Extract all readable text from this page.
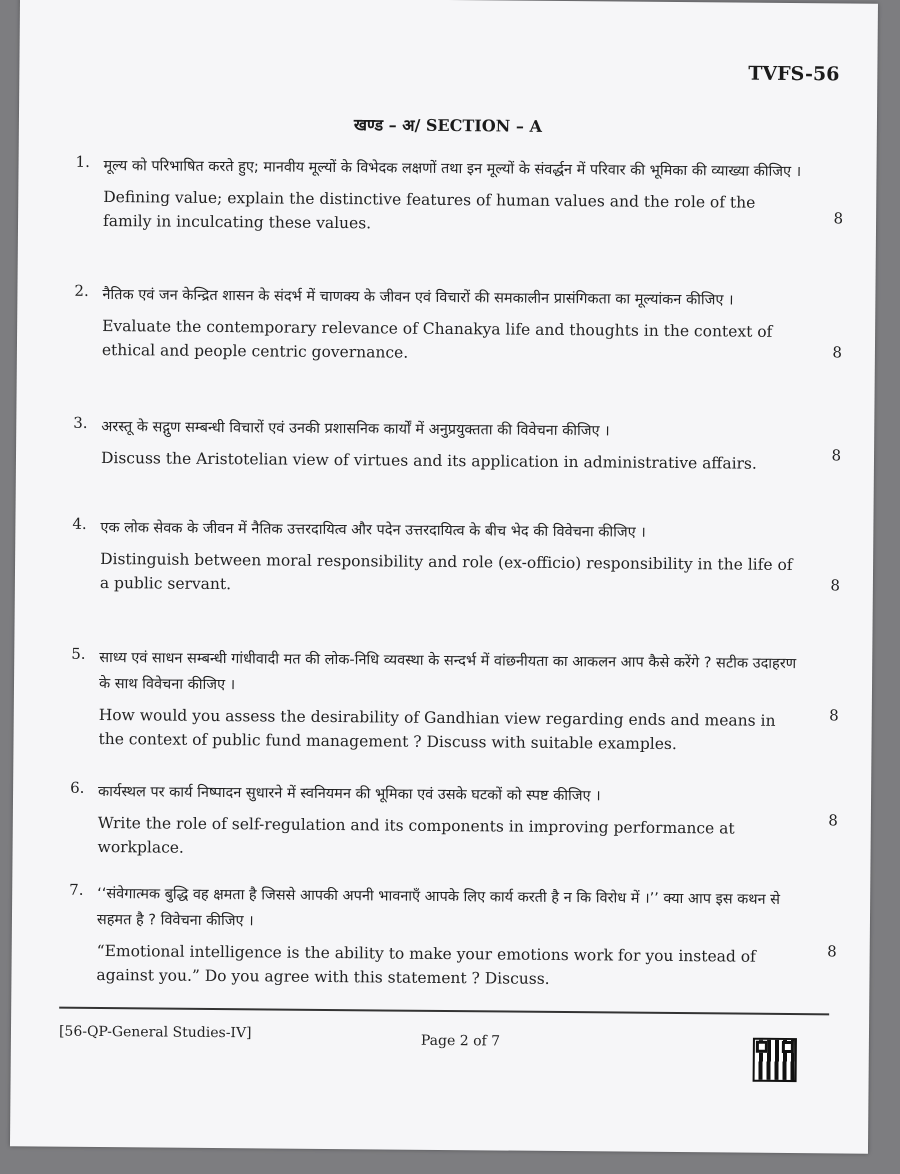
TVFS-56
खण्ड – अ/ SECTION – A
1. मूल्य को परिभाषित करते हुए; मानवीय मूल्यों के विभेदक लक्षणों तथा इन मूल्यों के संवर्द्धन में परिवार की भूमिका की व्याख्या कीजिए ।

Defining value; explain the distinctive features of human values and the role of the family in inculcating these values.	8
2. नैतिक एवं जन केन्द्रित शासन के संदर्भ में चाणक्य के जीवन एवं विचारों की समकालीन प्रासंगिकता का मूल्यांकन कीजिए ।

Evaluate the contemporary relevance of Chanakya life and thoughts in the context of ethical and people centric governance.	8
3. अरस्तू के सद्गुण सम्बन्धी विचारों एवं उनकी प्रशासनिक कार्यों में अनुप्रयुक्तता की विवेचना कीजिए ।

Discuss the Aristotelian view of virtues and its application in administrative affairs.	8
4. एक लोक सेवक के जीवन में नैतिक उत्तरदायित्व और पदेन उत्तरदायित्व के बीच भेद की विवेचना कीजिए ।

Distinguish between moral responsibility and role (ex-officio) responsibility in the life of a public servant.	8
5. साध्य एवं साधन सम्बन्धी गांधीवादी मत की लोक-निधि व्यवस्था के सन्दर्भ में वांछनीयता का आकलन आप कैसे करेंगे ? सटीक उदाहरण के साथ विवेचना कीजिए ।

How would you assess the desirability of Gandhian view regarding ends and means in the context of public fund management ? Discuss with suitable examples.

8
6. कार्यस्थल पर कार्य निष्पादन सुधारने में स्वनियमन की भूमिका एवं उसके घटकों को स्पष्ट कीजिए ।

Write the role of self-regulation and its components in improving performance at workplace.

8
7. ‘‘संवेगात्मक बुद्धि वह क्षमता है जिससे आपकी अपनी भावनाएँ आपके लिए कार्य करती है न कि विरोध में ।’’ क्या आप इस कथन से सहमत है ? विवेचना कीजिए ।

“Emotional intelligence is the ability to make your emotions work for you instead of against you.” Do you agree with this statement ? Discuss.

8
[56-QP-General Studies-IV]	Page 2 of 7
